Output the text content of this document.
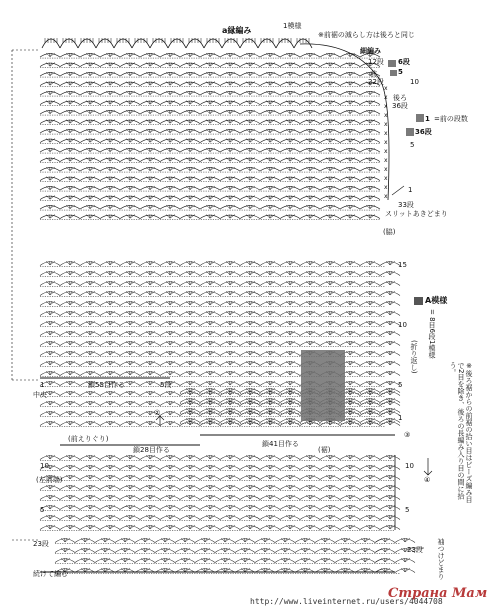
x
x
x
x
x
x
x
x
x
x
x
x
x
a縁編み	1模様
※前裾の減らし方は後ろと同じ
細編み
12段 6段
5
前
22段	10
後ろ
36段
1 =前の段数
36段
5
1
33段
スリットあきどまり
(脇)
15
A模様
= 8目6段1模様
(折り返し)
10
5
1	※後ろ裾からの前裾の拾い目はビーズ編み目で2目を除き、後ろの長編み入り目の間に拾う。
1
中央
鎖55目作る	5段
②
(前えりぐり)
鎖41目作る
(裾)
鎖28目作る
(左前端)
10
5
10
5
③
④
23段
23段 袖つけどまり
続けて編む
http://www.liveinternet.ru/users/4044708
Страна Мам
